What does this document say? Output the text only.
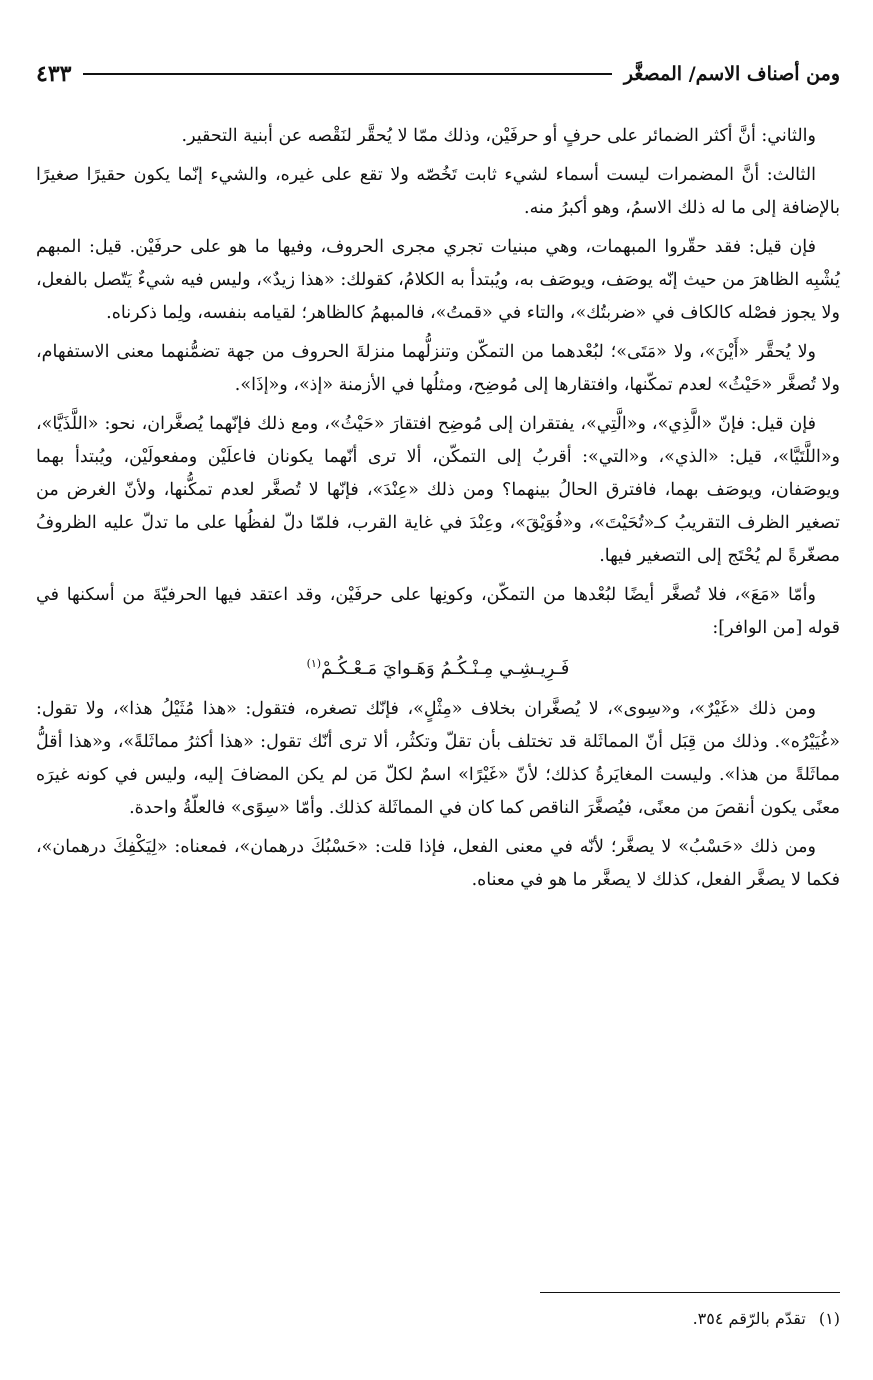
ومن أصناف الاسم/ المصغَّر
٤٣٣

والثاني: أنَّ أكثر الضمائر على حرفٍ أو حرفَيْن، وذلك ممّا لا يُحقَّر لنَقْصه عن أبنية التحقير.

الثالث: أنَّ المضمرات ليست أسماء لشيء ثابت تَخُصّه ولا تقع على غيره، والشيء إنّما يكون حقيرًا صغيرًا بالإضافة إلى ما له ذلك الاسمُ، وهو أكبرُ منه.

فإن قيل: فقد حقّروا المبهمات، وهي مبنيات تجري مجرى الحروف، وفيها ما هو على حرفَيْن. قيل: المبهم يُشْبِه الظاهرَ من حيث إنّه يوصَف، ويوصَف به، ويُبتدأ به الكلامُ، كقولك: «هذا زيدٌ»، وليس فيه شيءٌ يَتّصل بالفعل، ولا يجوز فصْله كالكاف في «ضربتُك»، والتاء في «قمتُ»، فالمبهمُ كالظاهر؛ لقيامه بنفسه، ولِما ذكرناه.

ولا يُحقَّر «أَيْنَ»، ولا «مَتَى»؛ لبُعْدهما من التمكّن وتنزلُّهما منزلةَ الحروف من جهة تضمُّنهما معنى الاستفهام، ولا تُصغَّر «حَيْثُ» لعدم تمكّنها، وافتقارها إلى مُوضِح، ومثلُها في الأزمنة «إذ»، و«إذَا».

فإن قيل: فإنّ «الَّذِي»، و«الَّتِي»، يفتقران إلى مُوضِح افتقارَ «حَيْثُ»، ومع ذلك فإنّهما يُصغَّران، نحو: «اللَّذَيَّا»، و«اللَّتَيَّا»، قيل: «الذي»، و«التي»: أقربُ إلى التمكّن، ألا ترى أنّهما يكونان فاعلَيْن ومفعولَيْن، ويُبتدأ بهما ويوصَفان، ويوصَف بهما، فافترق الحالُ بينهما؟ ومن ذلك «عِنْدَ»، فإنّها لا تُصغَّر لعدم تمكُّنها، ولأنّ الغرض من تصغير الظرف التقريبُ كـ«تُحَيْتَ»، و«فُوَيْقَ»، وعِنْدَ في غاية القرب، فلمّا دلّ لفظُها على ما تدلّ عليه الظروفُ مصغّرةً لم يُحْتَج إلى التصغير فيها.

وأمّا «مَعَ»، فلا تُصغَّر أيضًا لبُعْدها من التمكّن، وكونِها على حرفَيْن، وقد اعتقد فيها الحرفيّةَ من أسكنها في قوله [من الوافر]:

فَـرِيـشِـي مِـنْـكُـمُ وَهَـوايَ مَـعْـكُـمْ$^{(١)}$

ومن ذلك «غَيْرٌ»، و«سِوى»، لا يُصغَّران بخلاف «مِثْلٍ»، فإنّك تصغره، فتقول: «هذا مُثَيْلُ هذا»، ولا تقول: «غُيَيْرُه». وذلك من قِبَل أنّ المماثَلة قد تختلف بأن تقلّ وتكثُر، ألا ترى أنّك تقول: «هذا أكثرُ مماثَلةً»، و«هذا أقلُّ مماثَلةً من هذا». وليست المغايَرةُ كذلك؛ لأنّ «غَيْرًا» اسمٌ لكلّ مَن لم يكن المضافَ إليه، وليس في كونه غيرَه معنًى يكون أنقصَ من معنًى، فيُصغَّرَ الناقص كما كان في المماثَلة كذلك. وأمّا «سِوًى» فالعلّةُ واحدة.

ومن ذلك «حَسْبُ» لا يصغَّر؛ لأنّه في معنى الفعل، فإذا قلت: «حَسْبُكَ درهمان»، فمعناه: «لِيَكْفِكَ درهمان»، فكما لا يصغَّر الفعل، كذلك لا يصغَّر ما هو في معناه.

(١) تقدّم بالرّقم ٣٥٤.
